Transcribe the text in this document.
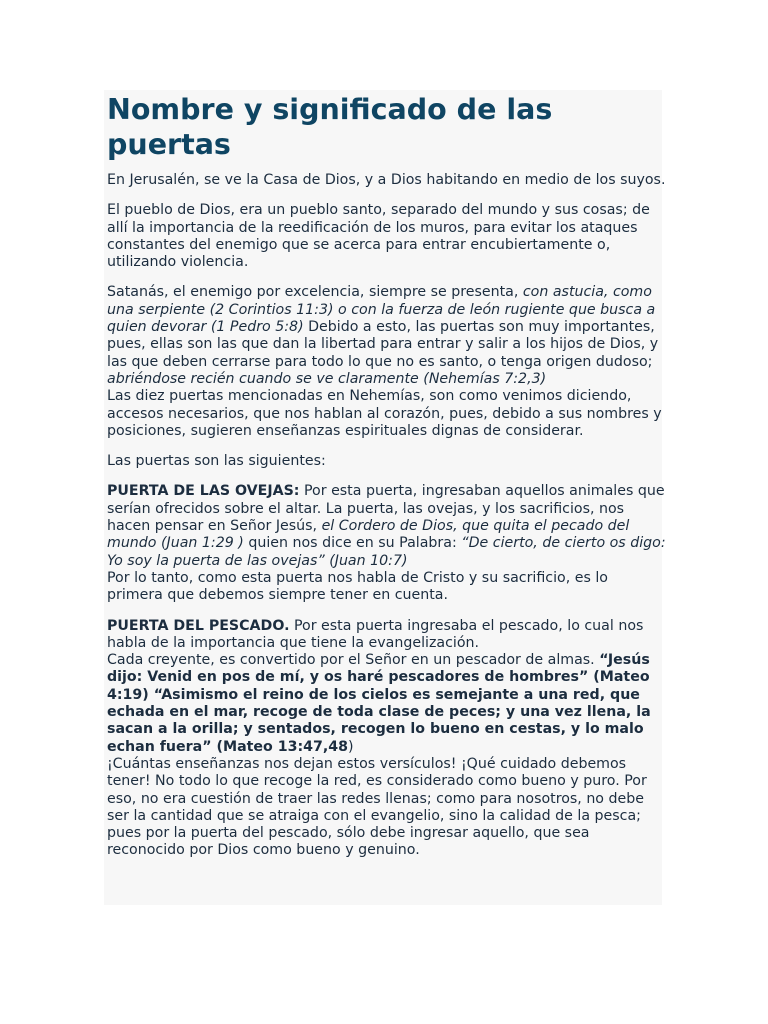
Nombre y significado de las puertas

En Jerusalén, se ve la Casa de Dios, y a Dios habitando en medio de los suyos.

El pueblo de Dios, era un pueblo santo, separado del mundo y sus cosas; de allí la importancia de la reedificación de los muros, para evitar los ataques constantes del enemigo que se acerca para entrar encubiertamente o, utilizando violencia.

Satanás, el enemigo por excelencia, siempre se presenta, con astucia, como una serpiente (2 Corintios 11:3) o con la fuerza de león rugiente que busca a quien devorar (1 Pedro 5:8) Debido a esto, las puertas son muy importantes, pues, ellas son las que dan la libertad para entrar y salir a los hijos de Dios, y las que deben cerrarse para todo lo que no es santo, o tenga origen dudoso; abriéndose recién cuando se ve claramente (Nehemías 7:2,3)

Las diez puertas mencionadas en Nehemías, son como venimos diciendo, accesos necesarios, que nos hablan al corazón, pues, debido a sus nombres y posiciones, sugieren enseñanzas espirituales dignas de considerar.

Las puertas son las siguientes:

PUERTA DE LAS OVEJAS: Por esta puerta, ingresaban aquellos animales que serían ofrecidos sobre el altar. La puerta, las ovejas, y los sacrificios, nos hacen pensar en Señor Jesús, el Cordero de Dios, que quita el pecado del mundo (Juan 1:29 ) quien nos dice en su Palabra: “De cierto, de cierto os digo: Yo soy la puerta de las ovejas” (Juan 10:7)

Por lo tanto, como esta puerta nos habla de Cristo y su sacrificio, es lo primera que debemos siempre tener en cuenta.

PUERTA DEL PESCADO. Por esta puerta ingresaba el pescado, lo cual nos habla de la importancia que tiene la evangelización.

Cada creyente, es convertido por el Señor en un pescador de almas. “Jesús dijo: Venid en pos de mí, y os haré pescadores de hombres” (Mateo 4:19) “Asimismo el reino de los cielos es semejante a una red, que echada en el mar, recoge de toda clase de peces; y una vez llena, la sacan a la orilla; y sentados, recogen lo bueno en cestas, y lo malo echan fuera” (Mateo 13:47,48)

¡Cuántas enseñanzas nos dejan estos versículos! ¡Qué cuidado debemos tener! No todo lo que recoge la red, es considerado como bueno y puro. Por eso, no era cuestión de traer las redes llenas; como para nosotros, no debe ser la cantidad que se atraiga con el evangelio, sino la calidad de la pesca; pues por la puerta del pescado, sólo debe ingresar aquello, que sea reconocido por Dios como bueno y genuino.
